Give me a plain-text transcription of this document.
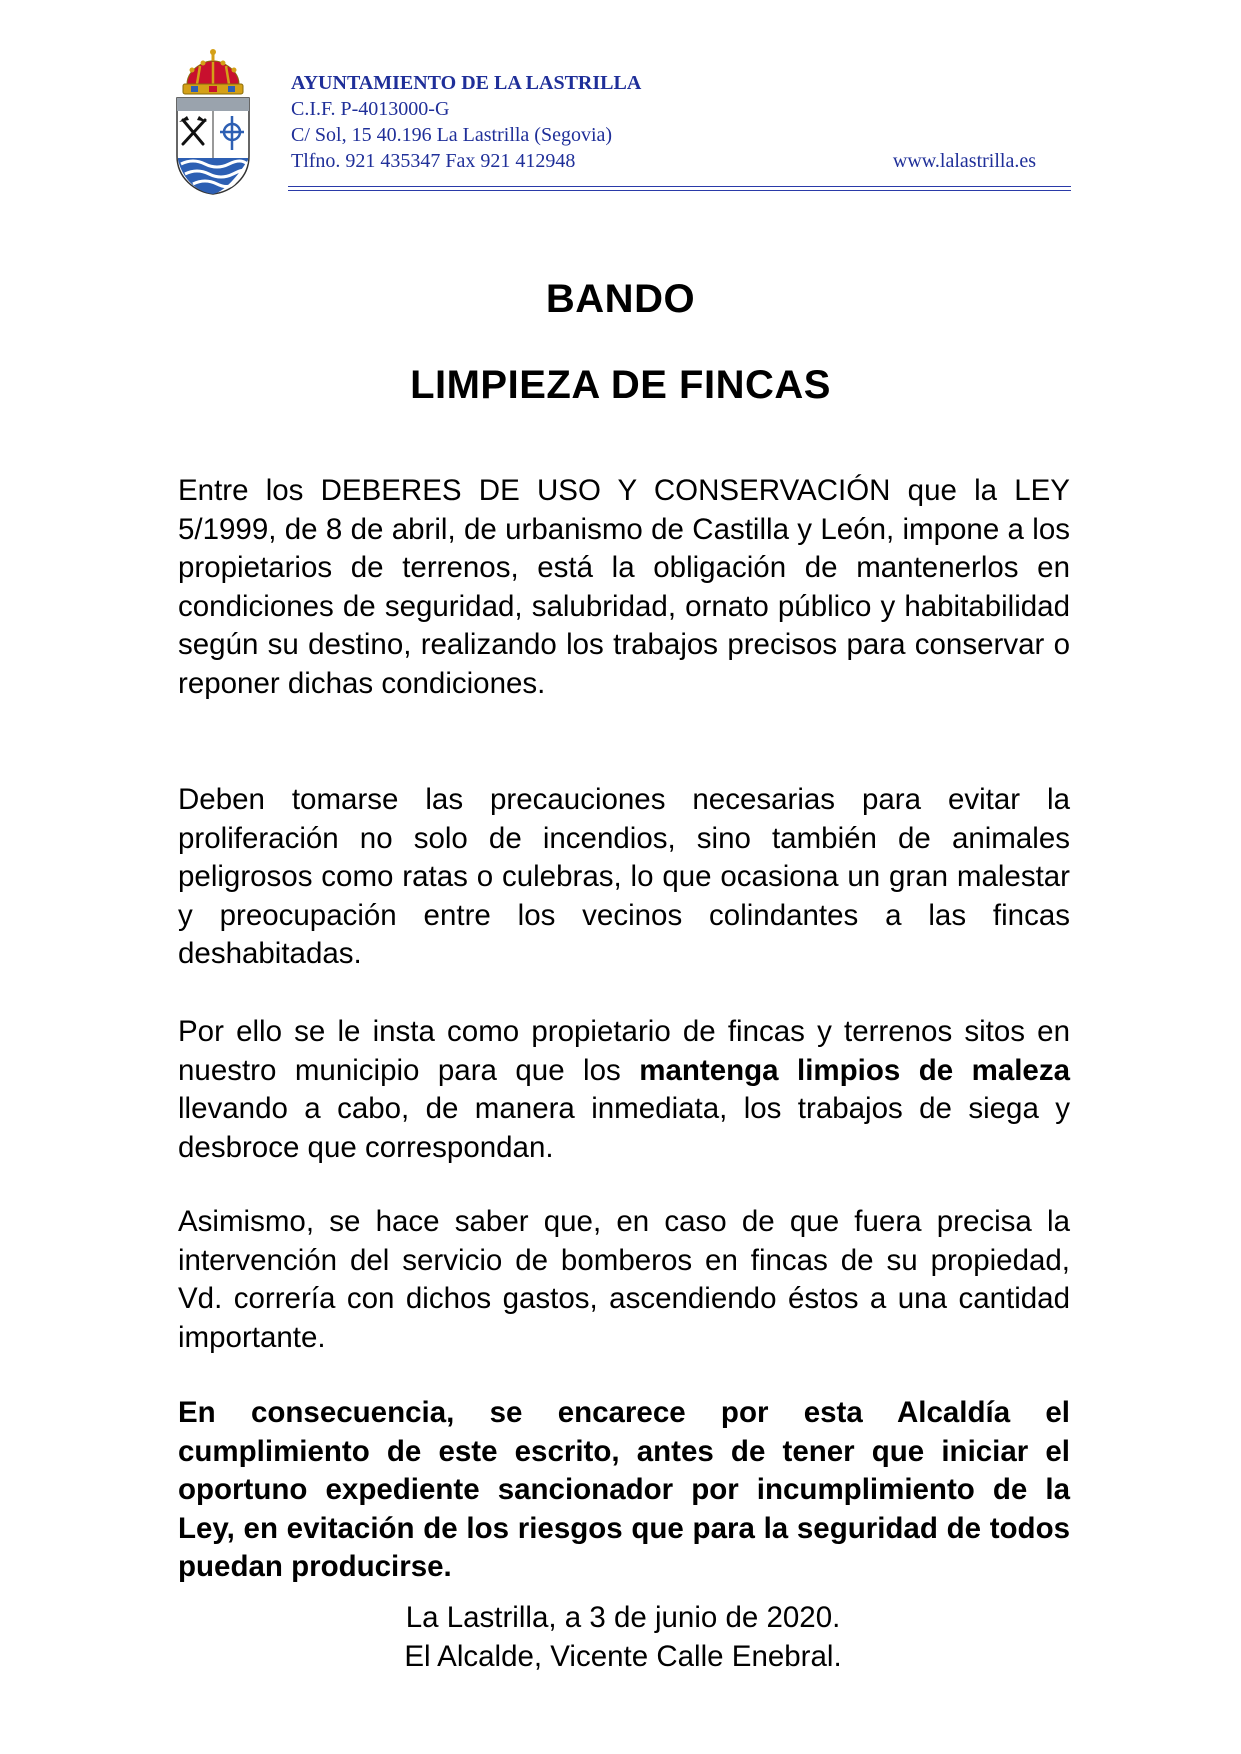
AYUNTAMIENTO DE LA LASTRILLA
C.I.F. P-4013000-G
C/ Sol, 15 40.196 La Lastrilla (Segovia)
Tlfno. 921 435347 Fax 921 412948	www.lalastrilla.es
BANDO
LIMPIEZA DE FINCAS
Entre los DEBERES DE USO Y CONSERVACIÓN que la LEY 5/1999, de 8 de abril, de urbanismo de Castilla y León, impone a los propietarios de terrenos, está la obligación de mantenerlos en condiciones de seguridad, salubridad, ornato público y habitabilidad según su destino, realizando los trabajos precisos para conservar o reponer dichas condiciones.
Deben tomarse las precauciones necesarias para evitar la proliferación no solo de incendios, sino también de animales peligrosos como ratas o culebras, lo que ocasiona un gran malestar y preocupación entre los vecinos colindantes a las fincas deshabitadas.
Por ello se le insta como propietario de fincas y terrenos sitos en nuestro municipio para que los mantenga limpios de maleza llevando a cabo, de manera inmediata, los trabajos de siega y desbroce que correspondan.
Asimismo, se hace saber que, en caso de que fuera precisa la intervención del servicio de bomberos en fincas de su propiedad, Vd. correría con dichos gastos, ascendiendo éstos a una cantidad importante.
En consecuencia, se encarece por esta Alcaldía el cumplimiento de este escrito, antes de tener que iniciar el oportuno expediente sancionador por incumplimiento de la Ley, en evitación de los riesgos que para la seguridad de todos puedan producirse.
La Lastrilla, a 3 de junio de 2020.
El Alcalde, Vicente Calle Enebral.
